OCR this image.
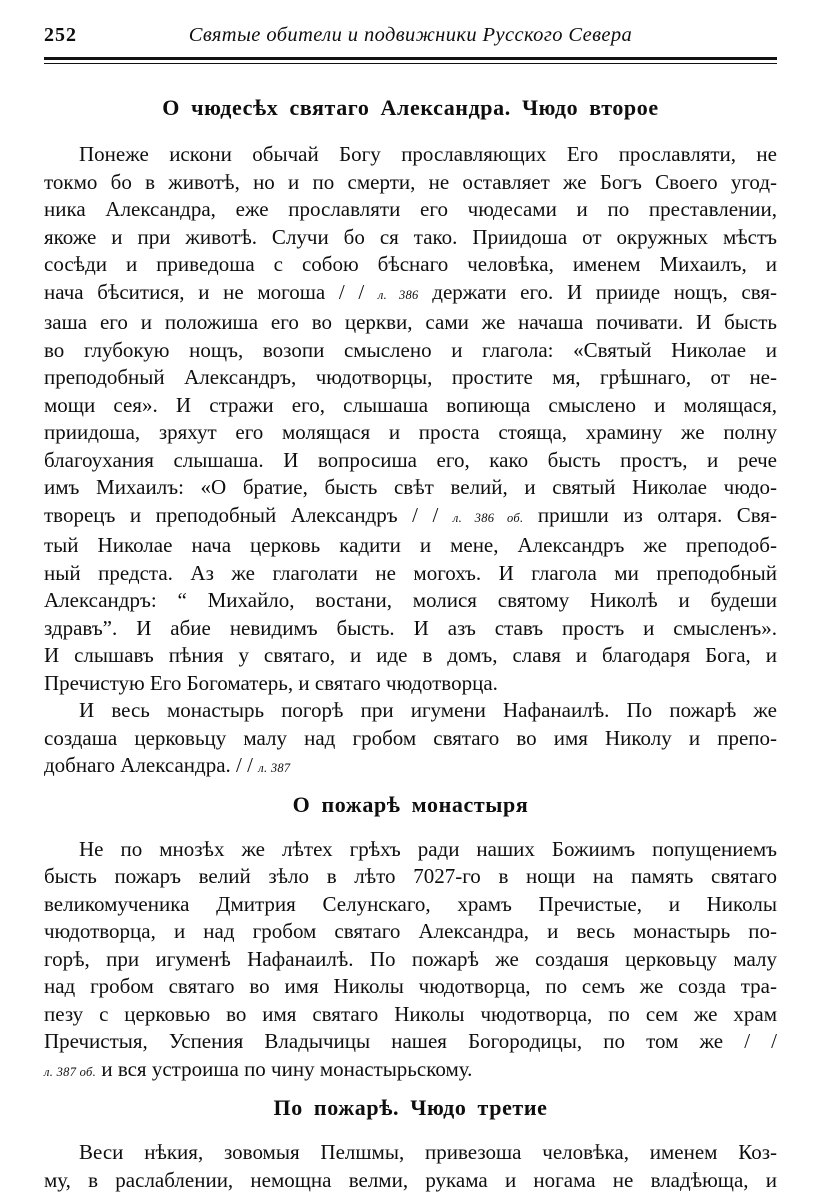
252	Святые обители и подвижники Русского Севера
О чюдесѣх святаго Александра. Чюдо второе
Понеже искони обычай Богу прославляющих Его прославляти, не
токмо бо в животѣ, но и по смерти, не оставляет же Богъ Своего угод-
ника Александра, еже прославляти его чюдесами и по преставлении,
якоже и при животѣ. Случи бо ся тако. Приидоша от окружных мѣстъ
сосѣди и приведоша с собою бѣснаго человѣка, именем Михаилъ, и
нача бѣситися, и не могоша / / л. 386 держати его. И прииде нощъ, свя-
заша его и положиша его во церкви, сами же начаша почивати. И бысть
во глубокую нощъ, возопи смыслено и глагола: «Святый Николае и
преподобный Александръ, чюдотворцы, простите мя, грѣшнаго, от не-
мощи сея». И стражи его, слышаша вопиюща смыслено и молящася,
приидоша, зряхут его молящася и проста стояща, храмину же полну
благоухания слышаша. И вопросиша его, како бысть простъ, и рече
имъ Михаилъ: «О братие, бысть свѣт велий, и святый Николае чюдо-
творецъ и преподобный Александръ / / л. 386 об. пришли из олтаря. Свя-
тый Николае нача церковь кадити и мене, Александръ же преподоб-
ный предста. Аз же глаголати не могохъ. И глагола ми преподобный
Александръ: “ Михайло, востани, молися святому Николѣ и будеши
здравъ”. И абие невидимъ бысть. И азъ ставъ простъ и смысленъ».
И слышавъ пѣния у святаго, и иде в домъ, славя и благодаря Бога, и
Пречистую Его Богоматерь, и святаго чюдотворца.
И весь монастырь погорѣ при игумени Нафанаилѣ. По пожарѣ же
создаша церковьцу малу над гробом святаго во имя Николу и препо-
добнаго Александра. / / л. 387
О пожарѣ монастыря
Не по мнозѣх же лѣтех грѣхъ ради наших Божиимъ попущениемъ
бысть пожаръ велий зѣло в лѣто 7027-го в нощи на память святаго
великомученика Дмитрия Селунскаго, храмъ Пречистые, и Николы
чюдотворца, и над гробом святаго Александра, и весь монастырь по-
горѣ, при игуменѣ Нафанаилѣ. По пожарѣ же создашя церковьцу малу
над гробом святаго во имя Николы чюдотворца, по семъ же созда тра-
пезу с церковью во имя святаго Николы чюдотворца, по сем же храм
Пречистыя, Успения Владычицы нашея Богородицы, по том же / /
л. 387 об. и вся устроиша по чину монастырьскому.
По пожарѣ. Чюдо третие
Веси нѣкия, зовомыя Пелшмы, привезоша человѣка, именем Коз-
му, в раслаблении, немощна велми, рукама и ногама не владѣюща, и
